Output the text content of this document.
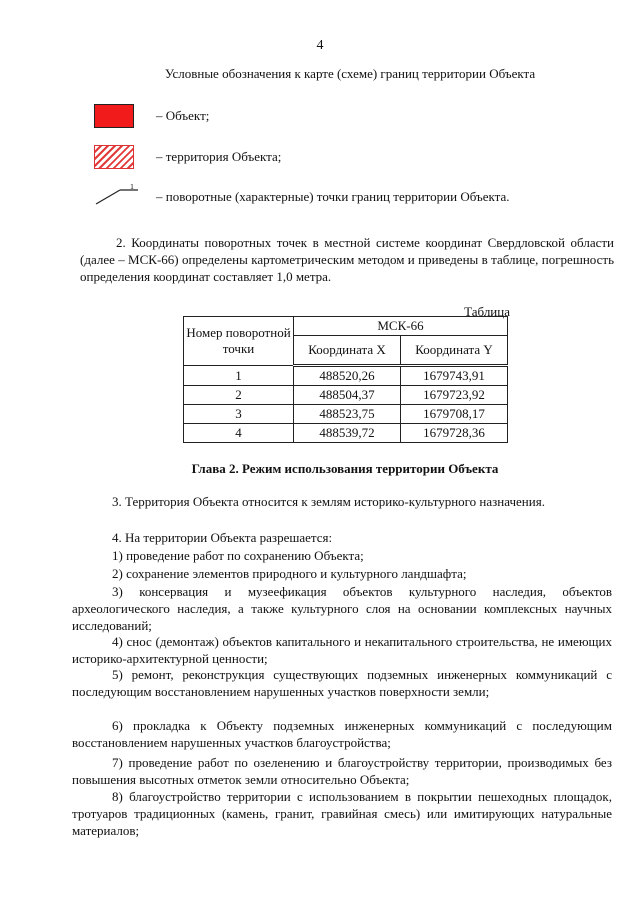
4
Условные обозначения к карте (схеме) границ территории Объекта
– Объект;
– территория Объекта;
1
– поворотные (характерные) точки границ территории Объекта.

2. Координаты поворотных точек в местной системе координат Свердловской области (далее – МСК-66) определены картометрическим методом и приведены в таблице, погрешность определения координат составляет 1,0 метра.

Таблица
Номер поворотной точки	МСК-66	
	Координата X	Координата Y
1	488520,26	1679743,91
2	488504,37	1679723,92
3	488523,75	1679708,17
4	488539,72	1679728,36
Глава 2. Режим использования территории Объекта

3. Территория Объекта относится к землям историко-культурного назначения.

4. На территории Объекта разрешается:

1) проведение работ по сохранению Объекта;

2) сохранение элементов природного и культурного ландшафта;

3) консервация и музеефикация объектов культурного наследия, объектов археологического наследия, а также культурного слоя на основании комплексных научных исследований;

4) снос (демонтаж) объектов капитального и некапитального строительства, не имеющих историко-архитектурной ценности;

5) ремонт, реконструкция существующих подземных инженерных коммуникаций с последующим восстановлением нарушенных участков поверхности земли;

6) прокладка к Объекту подземных инженерных коммуникаций с последующим восстановлением нарушенных участков благоустройства;

7) проведение работ по озеленению и благоустройству территории, производимых без повышения высотных отметок земли относительно Объекта;

8) благоустройство территории с использованием в покрытии пешеходных площадок, тротуаров традиционных (камень, гранит, гравийная смесь) или имитирующих натуральные материалов;
